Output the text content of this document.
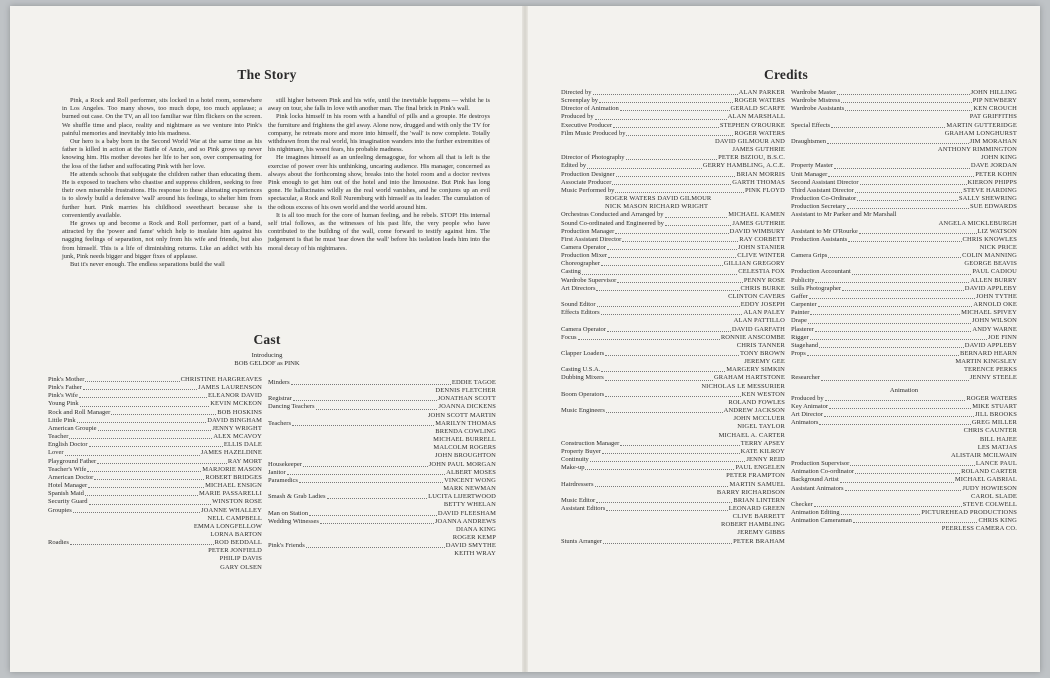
The Story

Pink, a Rock and Roll performer, sits locked in a hotel room, somewhere in Los Angeles. Too many shows, too much dope, too much applause; a burned out case. On the TV, an all too familiar war film flickers on the screen. We shuffle time and place, reality and nightmare as we venture into Pink's painful memories and inevitably into his madness.

Our hero is a baby born in the Second World War at the same time as his father is killed in action at the Battle of Anzio, and so Pink grows up never knowing him. His mother devotes her life to her son, over compensating for the loss of the father and suffocating Pink with her love.

He attends schools that subjugate the children rather than educating them. He is exposed to teachers who chastise and suppress children, seeking to free their own miserable frustrations. His response to these alienating experiences is to slowly build a defensive 'wall' around his feelings, to shelter him from further hurt. Pink marries his childhood sweetheart because she is conveniently available.

He grows up and become a Rock and Roll performer, part of a band, attracted by the 'power and fame' which help to insulate him against his nagging feelings of separation, not only from his wife and friends, but also from himself. This is a life of diminishing returns. Like an addict with his junk, Pink needs bigger and bigger fixes of applause.

But it's never enough. The endless separations build the wall

still higher between Pink and his wife, until the inevitable happens — whilst he is away on tour, she falls in love with another man. The final brick in Pink's wall.

Pink locks himself in his room with a handful of pills and a groupie. He destroys the furniture and frightens the girl away. Alone now, drugged and with only the TV for company, he retreats more and more into himself, the 'wall' is now complete. Totally withdrawn from the real world, his imagination wanders into the further extremities of his nightmare, his worst fears, his probable madness.

He imagines himself as an unfeeling demagogue, for whom all that is left is the exercise of power over his unthinking, uncaring audience. His manager, concerned as always about the forthcoming show, breaks into the hotel room and a doctor revives Pink enough to get him out of the hotel and into the limousine. But Pink has long gone. He hallucinates wildly as the real world vanishes, and he conjures up an evil spectacular, a Rock and Roll Nuremburg with himself as its leader. The cumulation of the odious excess of his own world and the world around him.

It is all too much for the core of human feeling, and he rebels. STOP! His internal self trial follows, as the witnesses of his past life, the very people who have contributed to the building of the wall, come forward to testify against him. The judgement is that he must 'tear down the wall' before his isolation leads him into the moral decay of his nightmares.

Cast
Introducing
BOB GELDOF as PINK
Pink's Mother	CHRISTINE HARGREAVES
Pink's Father	JAMES LAURENSON
Pink's Wife	ELEANOR DAVID
Young Pink	KEVIN MCKEON
Rock and Roll Manager	BOB HOSKINS
Little Pink	DAVID BINGHAM
American Groupie	JENNY WRIGHT
Teacher	ALEX MCAVOY
English Doctor	ELLIS DALE
Lover	JAMES HAZELDINE
Playground Father	RAY MORT
Teacher's Wife	MARJORIE MASON
American Doctor	ROBERT BRIDGES
Hotel Manager	MICHAEL ENSIGN
Spanish Maid	MARIE PASSARELLI
Security Guard	WINSTON ROSE
Groupies	JOANNE WHALLEY
NELL CAMPBELL
EMMA LONGFELLOW
LORNA BARTON
Roadies	ROD BEDDALL
PETER JONFIELD
PHILIP DAVIS
GARY OLSEN
Minders	EDDIE TAGOE
DENNIS FLETCHER
Registrar	JONATHAN SCOTT
Dancing Teachers	JOANNA DICKENS
JOHN SCOTT MARTIN
Teachers	MARILYN THOMAS
BRENDA COWLING
MICHAEL BURRELL
MALCOLM ROGERS
JOHN BROUGHTON
Housekeeper	JOHN PAUL MORGAN
Janitor	ALBERT MOSES
Paramedics	VINCENT WONG
MARK NEWMAN
Smash & Grab Ladies	LUCITA LIJERTWOOD
BETTY WHELAN
Man on Station	DAVID FLEESHAM
Wedding Witnesses	JOANNA ANDREWS
DIANA KING
ROGER KEMP
Pink's Friends	DAVID SMYTHE
KEITH WRAY
Credits
Directed by	ALAN PARKER
Screenplay by	ROGER WATERS
Director of Animation	GERALD SCARFE
Produced by	ALAN MARSHALL
Executive Producer	STEPHEN O'ROURKE
Film Music Produced by	ROGER WATERS
DAVID GILMOUR AND
JAMES GUTHRIE
Director of Photography	PETER BIZIOU, B.S.C.
Edited by	GERRY HAMBLING, A.C.E.
Production Designer	BRIAN MORRIS
Associate Producer	GARTH THOMAS
Music Performed by	PINK FLOYD
ROGER WATERS DAVID GILMOUR
NICK MASON RICHARD WRIGHT
Orchestras Conducted and Arranged by	MICHAEL KAMEN
Sound Co-ordinated and Engineered by	JAMES GUTHRIE
Production Manager	DAVID WIMBURY
First Assistant Director	RAY CORBETT
Camera Operator	JOHN STANIER
Production Mixer	CLIVE WINTER
Choreographer	GILLIAN GREGORY
Casting	CELESTIA FOX
Wardrobe Supervisor	PENNY ROSE
Art Directors	CHRIS BURKE
CLINTON CAVERS
Sound Editor	EDDY JOSEPH
Effects Editors	ALAN PALEY
ALAN PATTILLO
Camera Operator	DAVID GARFATH
Focus	RONNIE ANSCOMBE
CHRIS TANNER
Clapper Loaders	TONY BROWN
JEREMY GEE
Casting U.S.A.	MARGERY SIMKIN
Dubbing Mixers	GRAHAM HARTSTONE
NICHOLAS LE MESSURIER
Boom Operators	KEN WESTON
ROLAND FOWLES
Music Engineers	ANDREW JACKSON
JOHN MCCLUER
NIGEL TAYLOR
MICHAEL A. CARTER
Construction Manager	TERRY APSEY
Property Buyer	KATE KILROY
Continuity	JENNY REID
Make-up	PAUL ENGELEN
PETER FRAMPTON
Hairdressers	MARTIN SAMUEL
BARRY RICHARDSON
Music Editor	BRIAN LINTERN
Assistant Editors	LEONARD GREEN
CLIVE BARRETT
ROBERT HAMBLING
JEREMY GIBBS
Stunts Arranger	PETER BRAHAM
Wardrobe Master	JOHN HILLING
Wardrobe Mistress	PIP NEWBERY
Wardrobe Assistants	KEN CROUCH
PAT GRIFFITHS
Special Effects	MARTIN GUTTERIDGE
GRAHAM LONGHURST
Draughtsmen	JIM MORAHAN
ANTHONY RIMMINGTON
JOHN KING
Property Master	DAVE JORDAN
Unit Manager	PETER KOHN
Second Assistant Director	KIERON PHIPPS
Third Assistant Director	STEVE HARDING
Production Co-Ordinator	SALLY SHEWRING
Production Secretary	SUE EDWARDS
Assistant to Mr Parker and Mr Marshall
ANGELA MICKLEBURGH
Assistant to Mr O'Rourke	LIZ WATSON
Production Assistants	CHRIS KNOWLES
NICK PRICE
Camera Grips	COLIN MANNING
GEORGE BEAVIS
Production Accountant	PAUL CADIOU
Publicity	ALLEN BURRY
Stills Photographer	DAVID APPLEBY
Gaffer	JOHN TYTHE
Carpenter	ARNOLD OKE
Painter	MICHAEL SPIVEY
Drape	JOHN WILSON
Plasterer	ANDY WARNE
Rigger	JOE FINN
Stagehand	DAVID APPLEBY
Props	BERNARD HEARN
MARTIN KINGSLEY
TERENCE PERKS
Researcher	JENNY STEELE
Animation
Produced by	ROGER WATERS
Key Animator	MIKE STUART
Art Director	JILL BROOKS
Animators	GREG MILLER
CHRIS CAUNTER
BILL HAJEE
LES MATJAS
ALISTAIR MCILWAIN
Production Supervisor	LANCE PAUL
Animation Co-ordinator	ROLAND CARTER
Background Artist	MICHAEL GABRIAL
Assistant Animators	JUDY HOWIESON
CAROL SLADE
Checker	STEVE COLWELL
Animation Editing	PICTUREHEAD PRODUCTIONS
Animation Cameraman	CHRIS KING
PEERLESS CAMERA CO.
